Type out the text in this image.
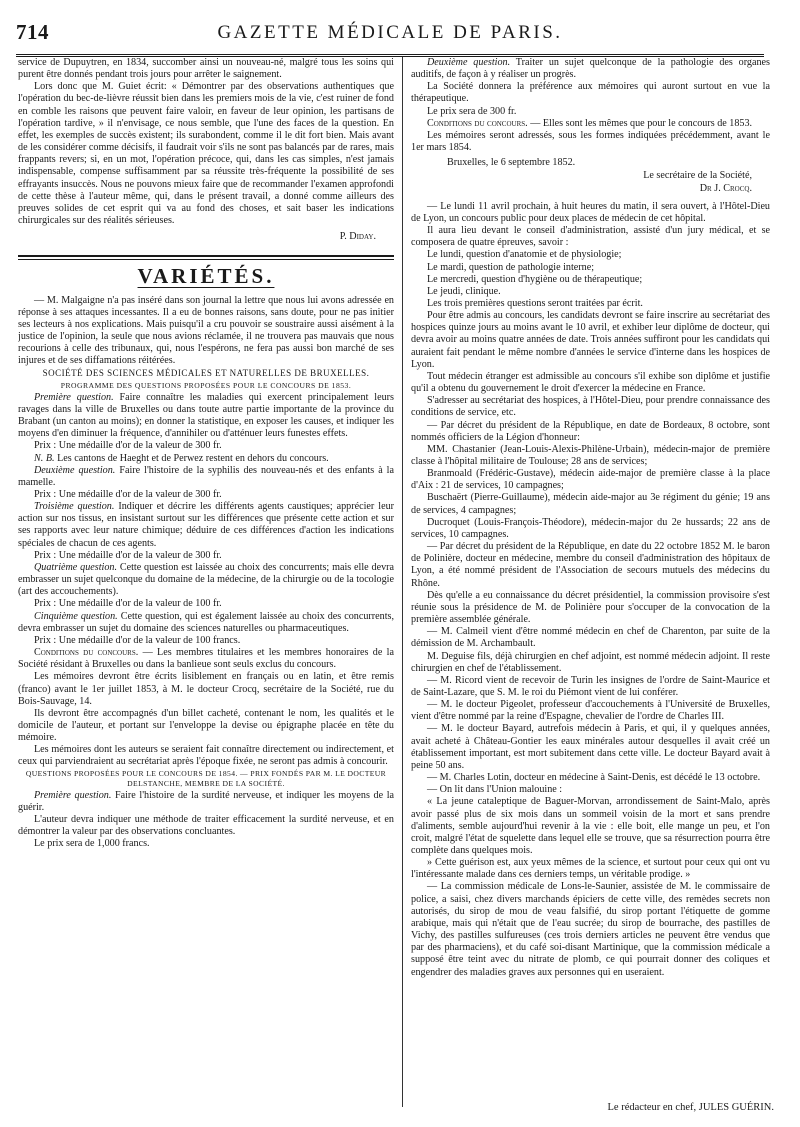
714	GAZETTE MÉDICALE DE PARIS.

service de Dupuytren, en 1834, succomber ainsi un nouveau-né, malgré tous les soins qui purent être donnés pendant trois jours pour arrêter le saignement.

Lors donc que M. Guiet écrit: « Démontrer par des observations authentiques que l'opération du bec-de-lièvre réussit bien dans les premiers mois de la vie, c'est ruiner de fond en comble les raisons que peuvent faire valoir, en faveur de leur opinion, les partisans de l'opération tardive, » il n'envisage, ce nous semble, que l'une des faces de la question. En effet, les exemples de succès existent; ils surabondent, comme il le dit fort bien. Mais avant de les considérer comme décisifs, il faudrait voir s'ils ne sont pas balancés par de rares, mais frappants revers; si, en un mot, l'opération précoce, qui, dans les cas simples, n'est jamais indispensable, compense suffisamment par sa réussite très-fréquente la possibilité de ses effrayants insuccès. Nous ne pouvons mieux faire que de recommander l'examen approfondi de cette thèse à l'auteur même, qui, dans le présent travail, a donné comme ailleurs des preuves solides de cet esprit qui va au fond des choses, et sait baser les indications chirurgicales sur des réalités sérieuses.

P. Diday.
VARIÉTÉS.

— M. Malgaigne n'a pas inséré dans son journal la lettre que nous lui avons adressée en réponse à ses attaques incessantes. Il a eu de bonnes raisons, sans doute, pour ne pas initier ses lecteurs à nos explications. Mais puisqu'il a cru pouvoir se soustraire aussi aisément à la justice de l'opinion, la seule que nous avions réclamée, il ne trouvera pas mauvais que nous recourions à celle des tribunaux, qui, nous l'espérons, ne fera pas aussi bon marché de ses injures et de ses diffamations réitérées.

SOCIÉTÉ DES SCIENCES MÉDICALES ET NATURELLES DE BRUXELLES.

PROGRAMME DES QUESTIONS PROPOSÉES POUR LE CONCOURS DE 1853.

Première question. Faire connaître les maladies qui exercent principalement leurs ravages dans la ville de Bruxelles ou dans toute autre partie importante de la province du Brabant (un canton au moins); en donner la statistique, en exposer les causes, et indiquer les moyens d'en diminuer la fréquence, d'annihiler ou d'atténuer leurs funestes effets.

Prix : Une médaille d'or de la valeur de 300 fr.

N. B. Les cantons de Haeght et de Perwez restent en dehors du concours.

Deuxième question. Faire l'histoire de la syphilis des nouveau-nés et des enfants à la mamelle.

Prix : Une médaille d'or de la valeur de 300 fr.

Troisième question. Indiquer et décrire les différents agents caustiques; apprécier leur action sur nos tissus, en insistant surtout sur les différences que présente cette action et sur ses rapports avec leur nature chimique; déduire de ces différences d'action les indications spéciales de chacun de ces agents.

Prix : Une médaille d'or de la valeur de 300 fr.

Quatrième question. Cette question est laissée au choix des concurrents; mais elle devra embrasser un sujet quelconque du domaine de la médecine, de la chirurgie ou de la tocologie (art des accouchements).

Prix : Une médaille d'or de la valeur de 100 fr.

Cinquième question. Cette question, qui est également laissée au choix des concurrents, devra embrasser un sujet du domaine des sciences naturelles ou pharmaceutiques.

Prix : Une médaille d'or de la valeur de 100 francs.

Conditions du concours. — Les membres titulaires et les membres honoraires de la Société résidant à Bruxelles ou dans la banlieue sont seuls exclus du concours.

Les mémoires devront être écrits lisiblement en français ou en latin, et être remis (franco) avant le 1er juillet 1853, à M. le docteur Crocq, secrétaire de la Société, rue du Bois-Sauvage, 14.

Ils devront être accompagnés d'un billet cacheté, contenant le nom, les qualités et le domicile de l'auteur, et portant sur l'enveloppe la devise ou épigraphe placée en tête du mémoire.

Les mémoires dont les auteurs se seraient fait connaître directement ou indirectement, et ceux qui parviendraient au secrétariat après l'époque fixée, ne seront pas admis à concourir.

QUESTIONS PROPOSÉES POUR LE CONCOURS DE 1854. — PRIX FONDÉS PAR M. LE DOCTEUR DELSTANCHE, MEMBRE DE LA SOCIÉTÉ.

Première question. Faire l'histoire de la surdité nerveuse, et indiquer les moyens de la guérir.

L'auteur devra indiquer une méthode de traiter efficacement la surdité nerveuse, et en démontrer la valeur par des observations concluantes.

Le prix sera de 1,000 francs.

Deuxième question. Traiter un sujet quelconque de la pathologie des organes auditifs, de façon à y réaliser un progrès.

La Société donnera la préférence aux mémoires qui auront surtout en vue la thérapeutique.

Le prix sera de 300 fr.

Conditions du concours. — Elles sont les mêmes que pour le concours de 1853.

Les mémoires seront adressés, sous les formes indiquées précédemment, avant le 1er mars 1854.

Bruxelles, le 6 septembre 1852.

Le secrétaire de la Société,
Dr J. Crocq.

— Le lundi 11 avril prochain, à huit heures du matin, il sera ouvert, à l'Hôtel-Dieu de Lyon, un concours public pour deux places de médecin de cet hôpital.

Il aura lieu devant le conseil d'administration, assisté d'un jury médical, et se composera de quatre épreuves, savoir :

Le lundi, question d'anatomie et de physiologie;

Le mardi, question de pathologie interne;

Le mercredi, question d'hygiène ou de thérapeutique;

Le jeudi, clinique.

Les trois premières questions seront traitées par écrit.

Pour être admis au concours, les candidats devront se faire inscrire au secrétariat des hospices quinze jours au moins avant le 10 avril, et exhiber leur diplôme de docteur, qui devra avoir au moins quatre années de date. Trois années suffiront pour les candidats qui auraient fait pendant le même nombre d'années le service d'interne dans les hospices de Lyon.

Tout médecin étranger est admissible au concours s'il exhibe son diplôme et justifie qu'il a obtenu du gouvernement le droit d'exercer la médecine en France.

S'adresser au secrétariat des hospices, à l'Hôtel-Dieu, pour prendre connaissance des conditions de service, etc.

— Par décret du président de la République, en date de Bordeaux, 8 octobre, sont nommés officiers de la Légion d'honneur:

MM. Chastanier (Jean-Louis-Alexis-Philène-Urbain), médecin-major de première classe à l'hôpital militaire de Toulouse; 28 ans de services;

Branmoald (Frédéric-Gustave), médecin aide-major de première classe à la place d'Aix : 21 de services, 10 campagnes;

Buschaërt (Pierre-Guillaume), médecin aide-major au 3e régiment du génie; 19 ans de services, 4 campagnes;

Ducroquet (Louis-François-Théodore), médecin-major du 2e hussards; 22 ans de services, 10 campagnes.

— Par décret du président de la République, en date du 22 octobre 1852 M. le baron de Polinière, docteur en médecine, membre du conseil d'administration des hôpitaux de Lyon, a été nommé président de l'Association de secours mutuels des médecins du Rhône.

Dès qu'elle a eu connaissance du décret présidentiel, la commission provisoire s'est réunie sous la présidence de M. de Polinière pour s'occuper de la convocation de la première assemblée générale.

— M. Calmeil vient d'être nommé médecin en chef de Charenton, par suite de la démission de M. Archambault.

M. Deguise fils, déjà chirurgien en chef adjoint, est nommé médecin adjoint. Il reste chirurgien en chef de l'établissement.

— M. Ricord vient de recevoir de Turin les insignes de l'ordre de Saint-Maurice et de Saint-Lazare, que S. M. le roi du Piémont vient de lui conférer.

— M. le docteur Pigeolet, professeur d'accouchements à l'Université de Bruxelles, vient d'être nommé par la reine d'Espagne, chevalier de l'ordre de Charles III.

— M. le docteur Bayard, autrefois médecin à Paris, et qui, il y quelques années, avait acheté à Château-Gontier les eaux minérales autour desquelles il avait créé un établissement important, est mort subitement dans cette ville. Le docteur Bayard avait à peine 50 ans.

— M. Charles Lotin, docteur en médecine à Saint-Denis, est décédé le 13 octobre.

— On lit dans l'Union malouine :

« La jeune cataleptique de Baguer-Morvan, arrondissement de Saint-Malo, après avoir passé plus de six mois dans un sommeil voisin de la mort et sans prendre d'aliments, semble aujourd'hui revenir à la vie : elle boit, elle mange un peu, et l'on croit, malgré l'état de squelette dans lequel elle se trouve, que sa résurrection pourra être complète dans quelques mois.

» Cette guérison est, aux yeux mêmes de la science, et surtout pour ceux qui ont vu l'intéressante malade dans ces derniers temps, un véritable prodige. »

— La commission médicale de Lons-le-Saunier, assistée de M. le commissaire de police, a saisi, chez divers marchands épiciers de cette ville, des remèdes secrets non autorisés, du sirop de mou de veau falsifié, du sirop portant l'étiquette de gomme arabique, mais qui n'était que de l'eau sucrée; du sirop de bourrache, des pastilles de Vichy, des pastilles sulfureuses (ces trois derniers articles ne peuvent être vendus que par des pharmaciens), et du café soi-disant Martinique, que la commission médicale a supposé être teint avec du nitrate de plomb, ce qui pourrait donner des coliques et engendrer des maladies graves aux personnes qui en useraient.

Le rédacteur en chef, JULES GUÉRIN.
